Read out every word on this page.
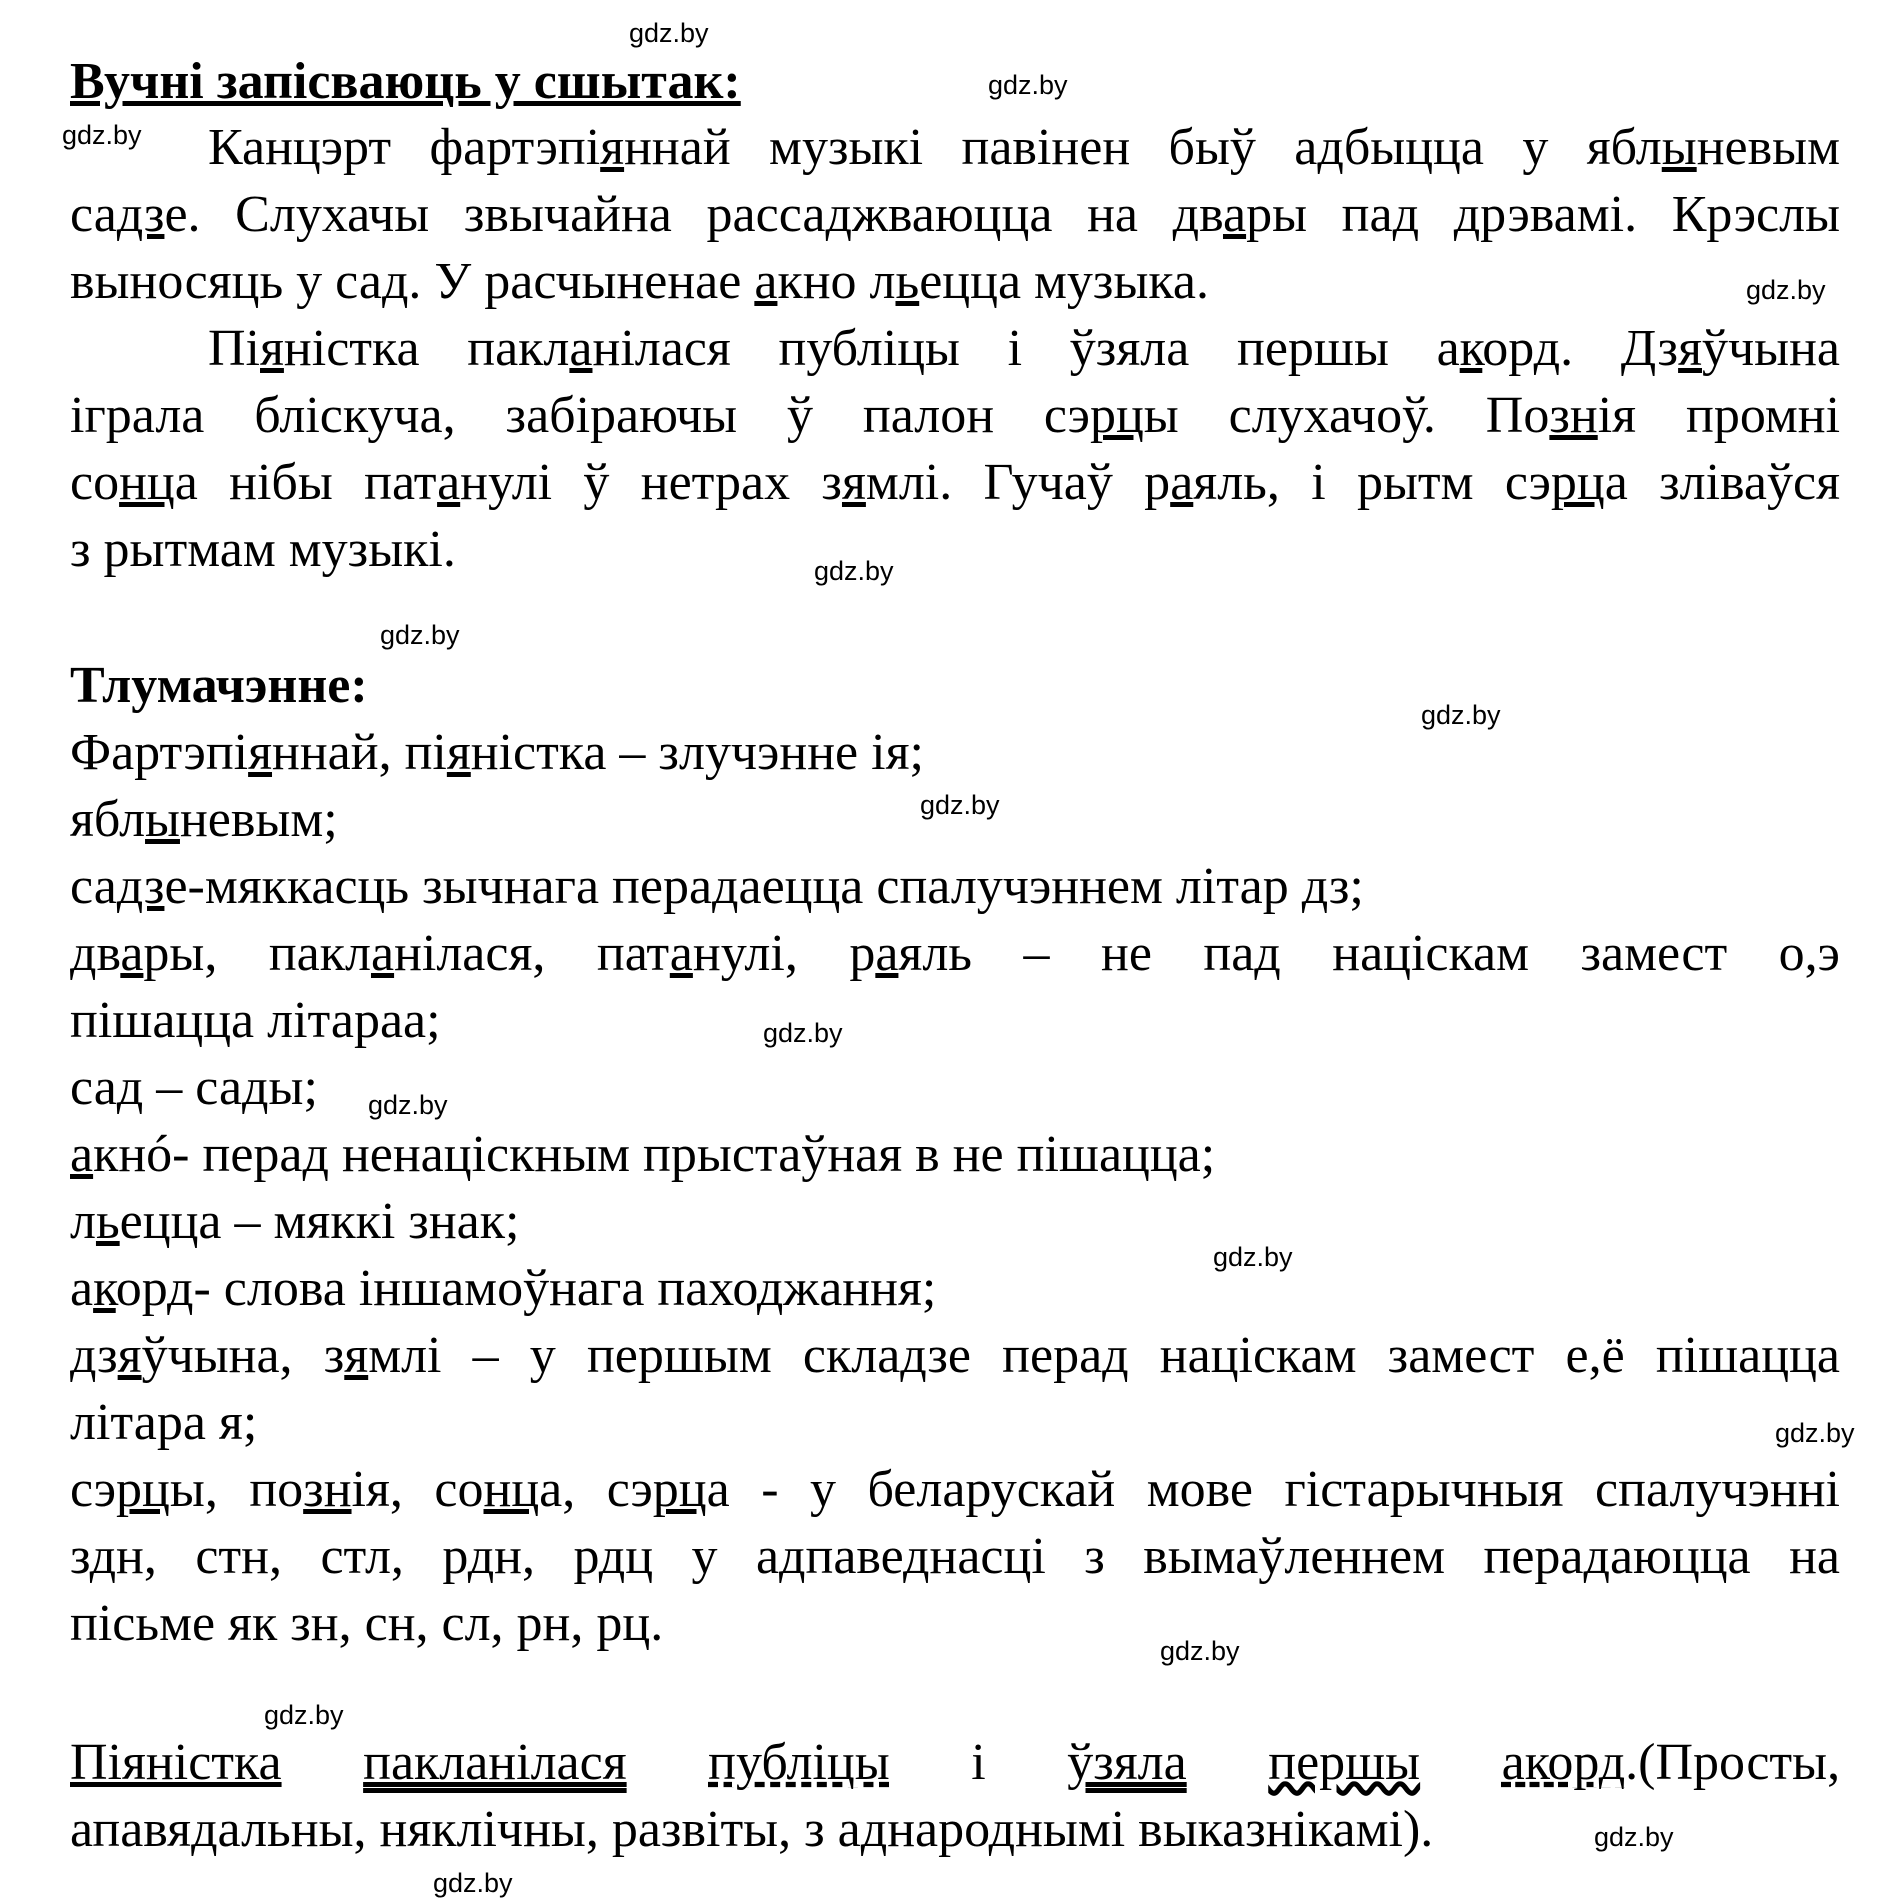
gdz.by
gdz.by
gdz.by
gdz.by
gdz.by
gdz.by
gdz.by
gdz.by
gdz.by
gdz.by
gdz.by
gdz.by
gdz.by
gdz.by
gdz.by
gdz.by
Вучні запісваюць у сшытак:
Канцэрт фартэпіяннай музыкі павінен быў адбыцца у яблыневым
садзе. Слухачы звычайна рассаджваюцца на двары пад дрэвамі. Крэслы
выносяць у сад. У расчыненае акно льецца музыка.
Піяністка пакланілася публіцы і ўзяла першы акорд. Дзяўчына
іграла бліскуча, забіраючы ў палон сэрцы слухачоў. Познія промні
сонца нібы патанулі ў нетрах зямлі. Гучаў раяль, і рытм сэрца зліваўся
з рытмам музыкі.
Тлумачэнне:
Фартэпіяннай, піяністка – злучэнне ія;
яблыневым;
садзе-мяккасць зычнага перадаецца спалучэннем літар дз;
двары, пакланілася, патанулі, раяль – не пад націскам замест о,э
пішацца літараа;
сад – сады;
акнó- перад ненаціскным прыстаўная в не пішацца;
льецца – мяккі знак;
акорд- слова іншамоўнага паходжання;
дзяўчына, зямлі – у першым складзе перад націскам замест е,ё пішацца
літара я;
сэрцы, познія, сонца, сэрца - у беларускай мове гістарычныя спалучэнні
здн, стн, стл, рдн, рдц у адпаведнасці з вымаўленнем перадаюцца на
пісьме як зн, сн, сл, рн, рц.
Піяністка пакланілася публіцы і ўзяла першы акорд.(Просты,
апавядальны, няклічны, развіты, з аднароднымі выказнікамі).
